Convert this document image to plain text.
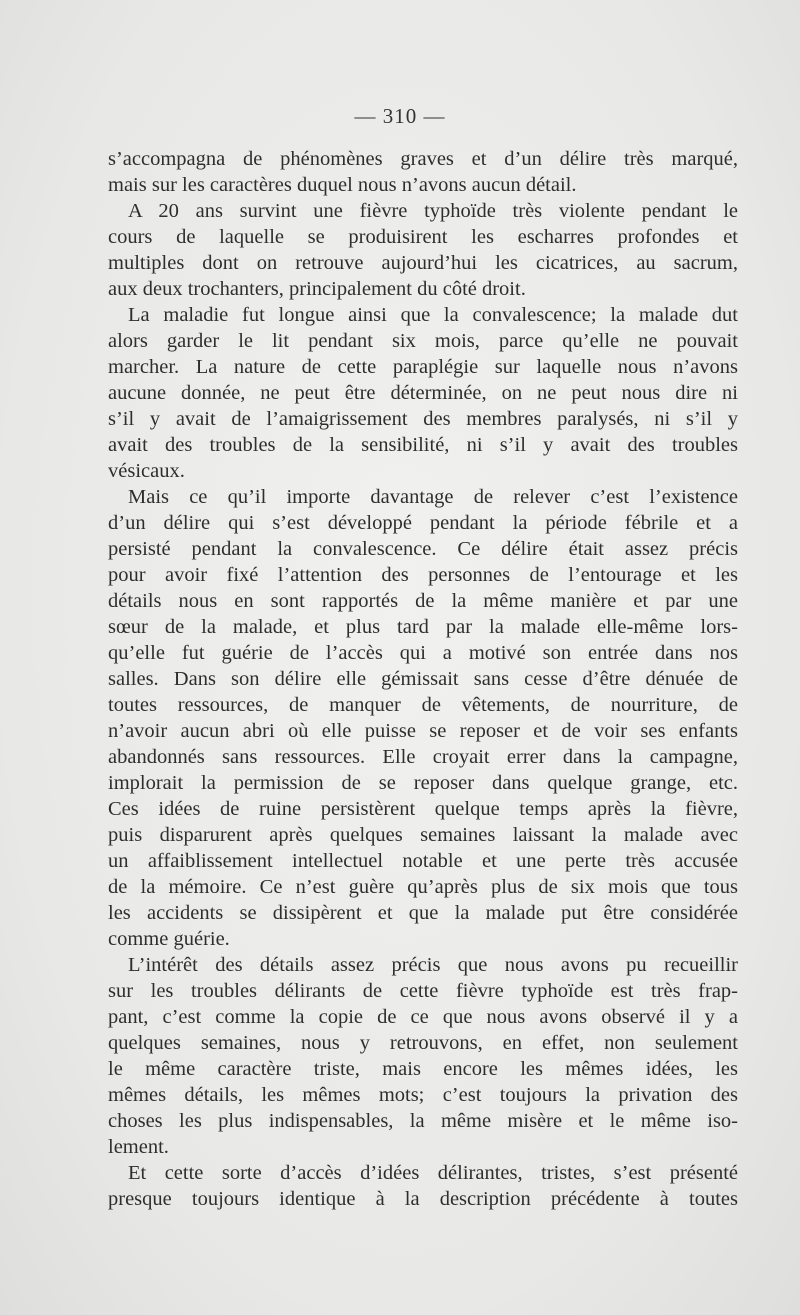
— 310 —
s’accompagna de phénomènes graves et d’un délire très marqué,
mais sur les caractères duquel nous n’avons aucun détail.
A 20 ans survint une fièvre typhoïde très violente pendant le
cours de laquelle se produisirent les escharres profondes et
multiples dont on retrouve aujourd’hui les cicatrices, au sacrum,
aux deux trochanters, principalement du côté droit.
La maladie fut longue ainsi que la convalescence; la malade dut
alors garder le lit pendant six mois, parce qu’elle ne pouvait
marcher. La nature de cette paraplégie sur laquelle nous n’avons
aucune donnée, ne peut être déterminée, on ne peut nous dire ni
s’il y avait de l’amaigrissement des membres paralysés, ni s’il y
avait des troubles de la sensibilité, ni s’il y avait des troubles
vésicaux.
Mais ce qu’il importe davantage de relever c’est l’existence
d’un délire qui s’est développé pendant la période fébrile et a
persisté pendant la convalescence. Ce délire était assez précis
pour avoir fixé l’attention des personnes de l’entourage et les
détails nous en sont rapportés de la même manière et par une
sœur de la malade, et plus tard par la malade elle-même lors-
qu’elle fut guérie de l’accès qui a motivé son entrée dans nos
salles. Dans son délire elle gémissait sans cesse d’être dénuée de
toutes ressources, de manquer de vêtements, de nourriture, de
n’avoir aucun abri où elle puisse se reposer et de voir ses enfants
abandonnés sans ressources. Elle croyait errer dans la campagne,
implorait la permission de se reposer dans quelque grange, etc.
Ces idées de ruine persistèrent quelque temps après la fièvre,
puis disparurent après quelques semaines laissant la malade avec
un affaiblissement intellectuel notable et une perte très accusée
de la mémoire. Ce n’est guère qu’après plus de six mois que tous
les accidents se dissipèrent et que la malade put être considérée
comme guérie.
L’intérêt des détails assez précis que nous avons pu recueillir
sur les troubles délirants de cette fièvre typhoïde est très frap-
pant, c’est comme la copie de ce que nous avons observé il y a
quelques semaines, nous y retrouvons, en effet, non seulement
le même caractère triste, mais encore les mêmes idées, les
mêmes détails, les mêmes mots; c’est toujours la privation des
choses les plus indispensables, la même misère et le même iso-
lement.
Et cette sorte d’accès d’idées délirantes, tristes, s’est présenté
presque toujours identique à la description précédente à toutes
